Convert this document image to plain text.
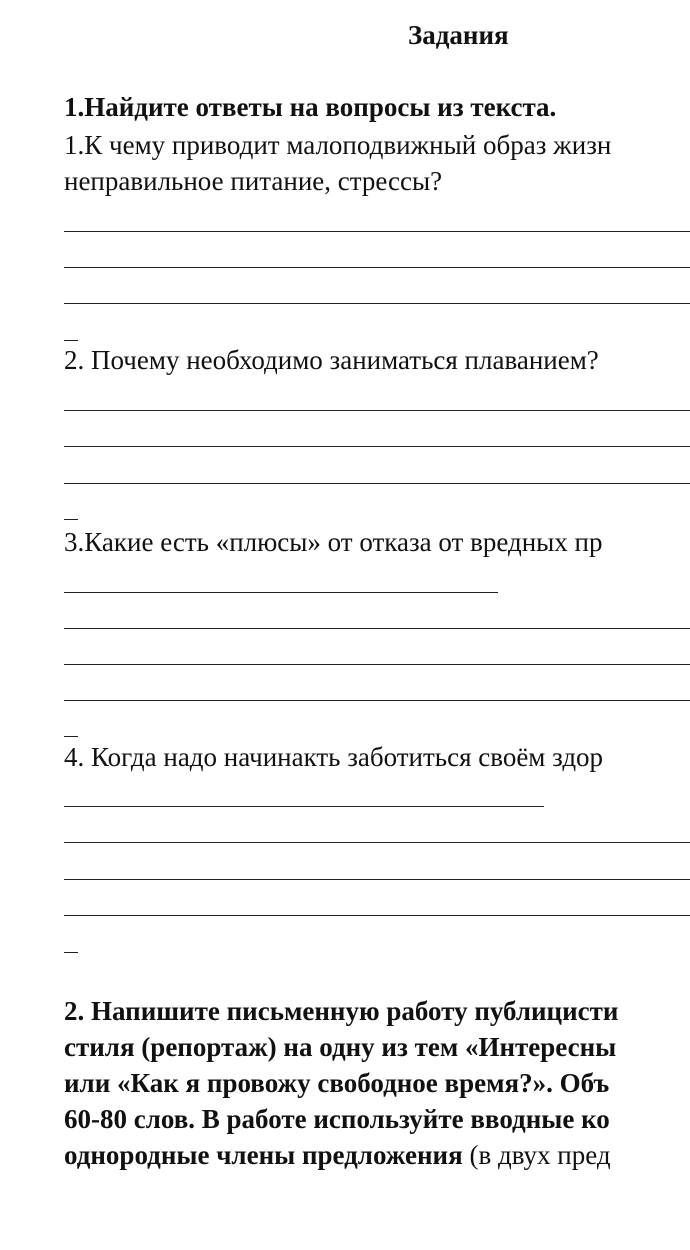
Задания
1.Найдите ответы на вопросы из текста.
1.К чему приводит малоподвижный образ жизн
неправильное питание, стрессы?
2. Почему необходимо заниматься плаванием?
3.Какие есть «плюсы» от отказа от вредных пр
4. Когда надо начинакть заботиться своём здор
2. Напишите письменную работу публицисти
стиля (репортаж) на одну из тем «Интересны
или «Как я провожу свободное время?». Объ
60-80 слов. В работе используйте вводные ко
однородные члены предложения (в двух пред
